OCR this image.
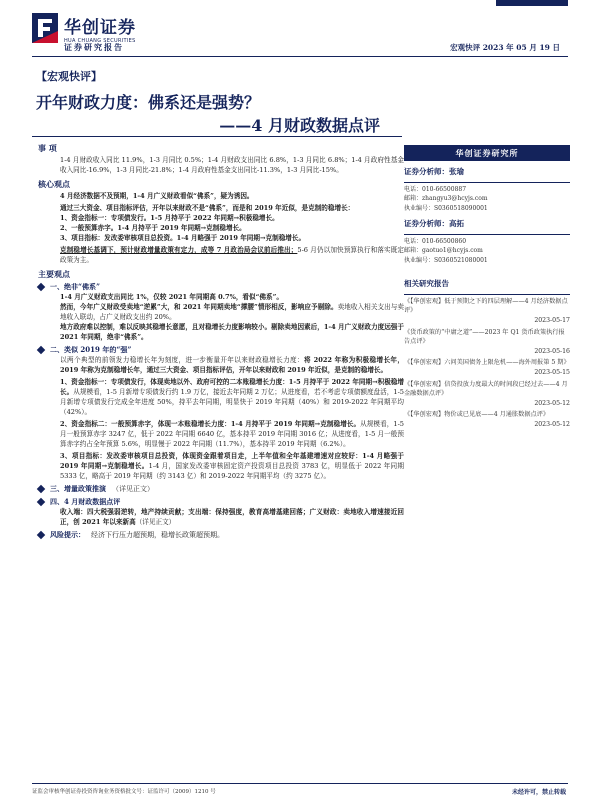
华创证券
HUA CHUANG SECURITIES
证券研究报告	宏观快评 2023 年 05 月 19 日
【宏观快评】
开年财政力度：佛系还是强势？
——4 月财政数据点评
事 项
1-4 月财政收入同比 11.9%，1-3 月同比 0.5%；1-4 月财政支出同比 6.8%，1-3 月同比 6.8%；1-4 月政府性基金收入同比-16.9%，1-3 月同比-21.8%；1-4 月政府性基金支出同比-11.3%，1-3 月同比-15%。
核心观点
4 月经济数据不及预期，1-4 月广义财政看似“佛系”，疑为诱因。
通过三大资金、项目指标评估，开年以来财政不是“佛系”，而是和 2019 年近似，是克制的稳增长：
1、资金指标一：专项债发行。1-5 月持平于 2022 年同期→积极稳增长。
2、一般预算赤字。1-4 月持平于 2019 年同期→克制稳增长。
3、项目指标：发改委审核项目总投资。1-4 月略强于 2019 年同期→克制稳增长。
克制稳增长基调下，预计财政增量政策有定力，成等 7 月政治局会议前后推出；5-6 月仍以加快预算执行和落实既定政策为主。
主要观点
一、绝非“佛系”
1-4 月广义财政支出同比 1%，仅较 2021 年同期高 0.7%，看似“佛系”。
然而，今年广义财政受卖地“逆累”大，和 2021 年同期卖地“撑腰”情形相反，影响应予剔除。卖地收入相关支出与卖地收入联动，占广义财政支出约 20%。
地方政府难以控制，难以反映其稳增长意愿，且对稳增长力度影响较小。剔除卖地因素后，1-4 月广义财政力度远强于 2021 年同期，绝非“佛系”。
二、类似 2019 年的“强”
以两个典型的前领发力稳增长年为刻度，进一步衡量开年以来财政稳增长力度：将 2022 年称为积极稳增长年，2019 年称为克制稳增长年，通过三大资金、项目指标评估，开年以来财政和 2019 年近似，是克制的稳增长。
1、资金指标一：专项债发行，体现卖地以外、政府可控的二本账稳增长力度：1-5 月持平于 2022 年同期→积极稳增长。从规模看，1-5 月新增专项债发行约 1.9 万亿，接近去年同期 2 万亿；从进度看，若不考虑专项债额度盘活，1-5 月新增专项债发行完成全年进度 50%，持平去年同期，明显快于 2019 年同期（40%）和 2019-2022 年同期平均（42%）。
2、资金指标二：一般预算赤字，体现一本账稳增长力度：1-4 月持平于 2019 年同期→克制稳增长。从规模看，1-5 月一般预算赤字 3247 亿，低于 2022 年同期 6640 亿，基本持平 2019 年同期 3016 亿；从进度看，1-5 月一般预算赤字约占全年预算 5.6%，明显慢于 2022 年同期（11.7%），基本持平 2019 年同期（6.2%）。
3、项目指标：发改委审核项目总投资，体现资金跟着项目走，上半年值和全年基建增速对应较好：1-4 月略强于 2019 年同期→克制稳增长。1-4 月，国家发改委审核固定资产投资项目总投资 3783 亿，明显低于 2022 年同期 5333 亿，略高于 2019 年同期（约 3143 亿）和 2019-2022 年同期平均（约 3275 亿）。
三、增量政策推演 （详见正文）
四、4 月财政数据点评
收入端：四大税强弱逆转，地产持续贡献；支出端：保持强度，教育高增基建回落；广义财政：卖地收入增速接近回正，创 2021 年以来新高（详见正文）
风险提示： 经济下行压力超预期，稳增长政策超预期。
华创证券研究所
证券分析师：张瑜
电话：010-66500887
邮箱：zhangyu3@hcyjs.com
执业编号：S0360518090001
证券分析师：高拓
电话：010-66500860
邮箱：gaotuo1@hcyjs.com
执业编号：S0360521080001
相关研究报告
《【华创宏观】低于预期之下的四层理解——4 月经济数据点评》
2023-05-17
《货币政策的“中庸之道”——2023 年 Q1 货币政策执行报告点评》
2023-05-16
《【华创宏观】六问美国债务上限危机——海外周报第 5 期》
2023-05-15
《【华创宏观】信贷投放力度最大的时间段已经过去——4 月金融数据点评》
2023-05-12
《【华创宏观】物价或已见底——4 月通胀数据点评》
2023-05-12
证监会审核华创证券投资咨询业务资格批文号：证监许可（2009）1210 号	未经许可，禁止转载
